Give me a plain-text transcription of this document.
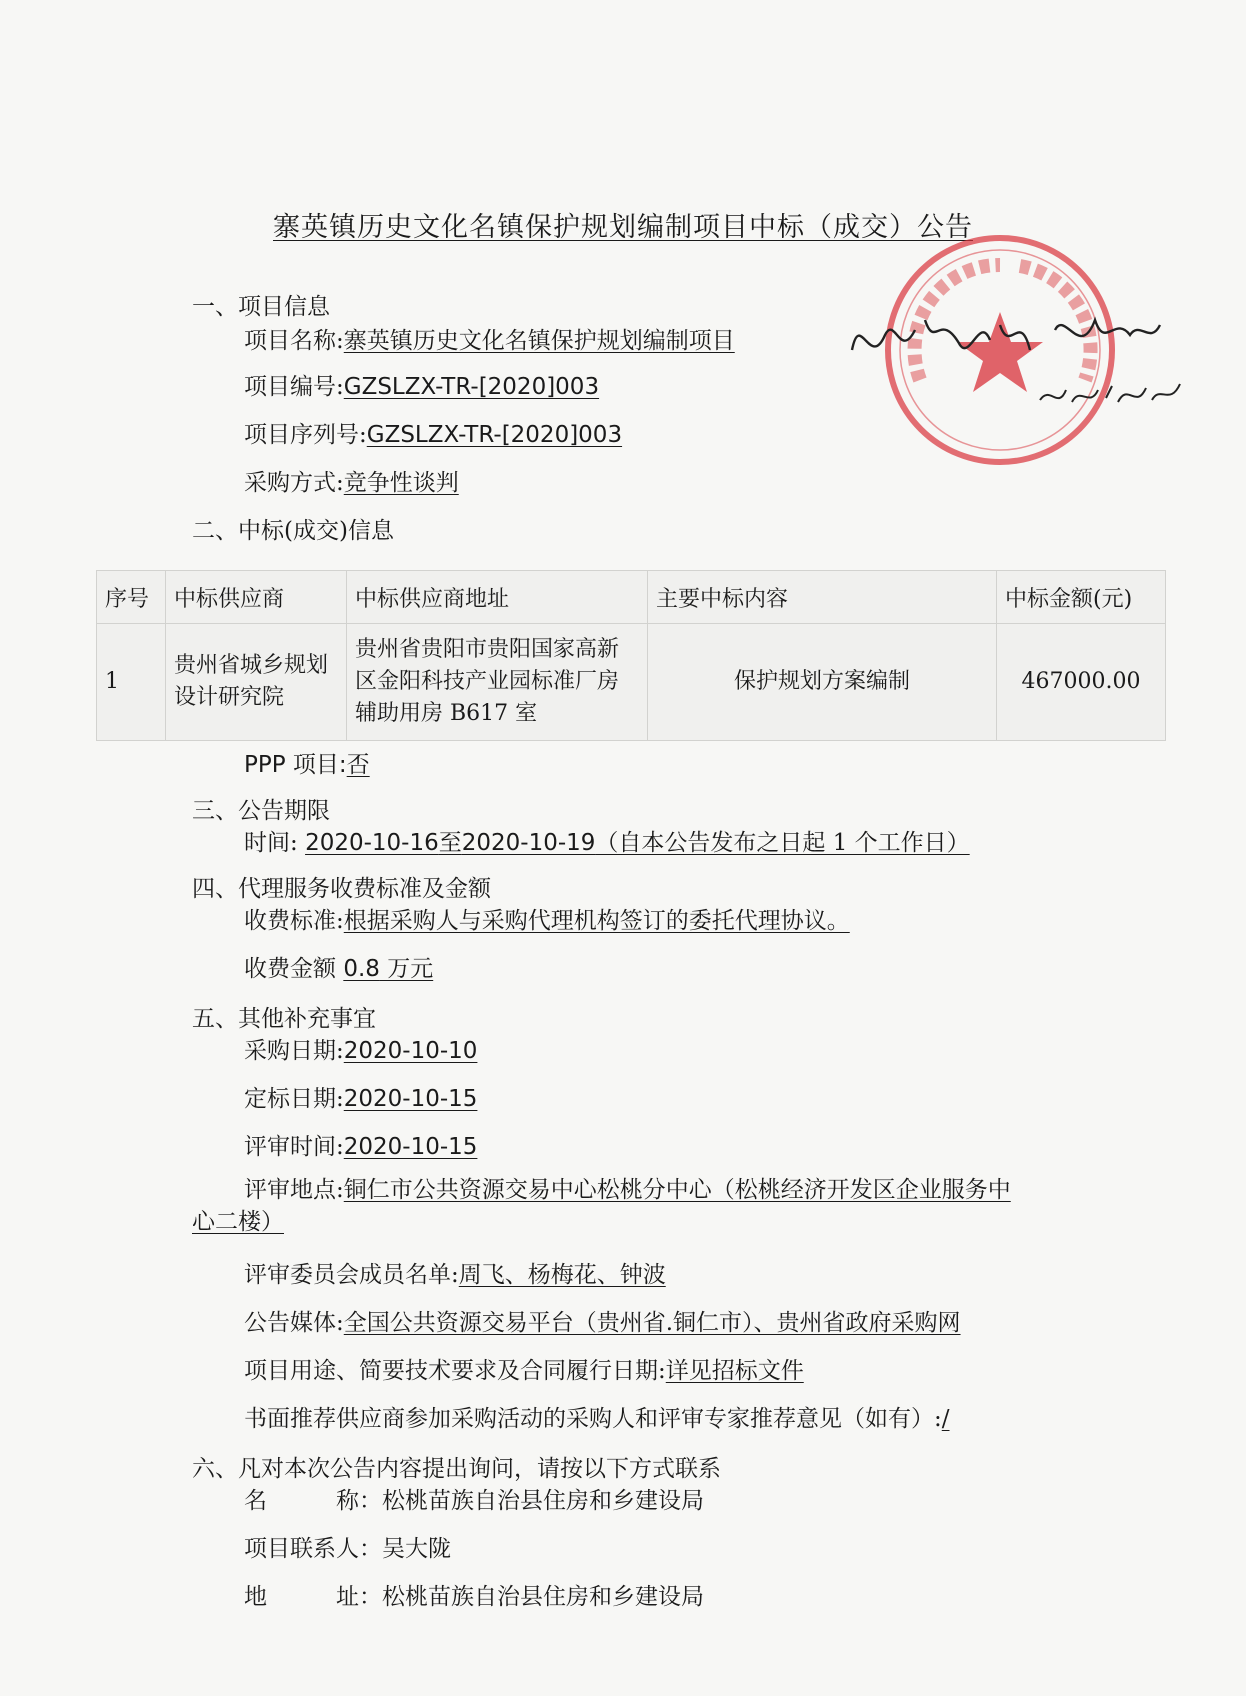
寨英镇历史文化名镇保护规划编制项目中标（成交）公告
一、项目信息
项目名称:寨英镇历史文化名镇保护规划编制项目
项目编号:GZSLZX-TR-[2020]003
项目序列号:GZSLZX-TR-[2020]003
采购方式:竞争性谈判
二、中标(成交)信息
序号	中标供应商	中标供应商地址	主要中标内容	中标金额(元)
1	贵州省城乡规划设计研究院	贵州省贵阳市贵阳国家高新区金阳科技产业园标准厂房辅助用房 B617 室	保护规划方案编制	467000.00
PPP 项目:否
三、公告期限
时间: 2020-10-16至2020-10-19（自本公告发布之日起 1 个工作日）
四、代理服务收费标准及金额
收费标准:根据采购人与采购代理机构签订的委托代理协议。
收费金额 0.8 万元
五、其他补充事宜
采购日期:2020-10-10
定标日期:2020-10-15
评审时间:2020-10-15
评审地点:铜仁市公共资源交易中心松桃分中心（松桃经济开发区企业服务中心二楼）
评审委员会成员名单:周飞、杨梅花、钟波
公告媒体:全国公共资源交易平台（贵州省.铜仁市）、贵州省政府采购网
项目用途、简要技术要求及合同履行日期:详见招标文件
书面推荐供应商参加采购活动的采购人和评审专家推荐意见（如有）:/
六、凡对本次公告内容提出询问，请按以下方式联系
名　　　称：松桃苗族自治县住房和乡建设局
项目联系人：吴大陇
地　　　址：松桃苗族自治县住房和乡建设局
